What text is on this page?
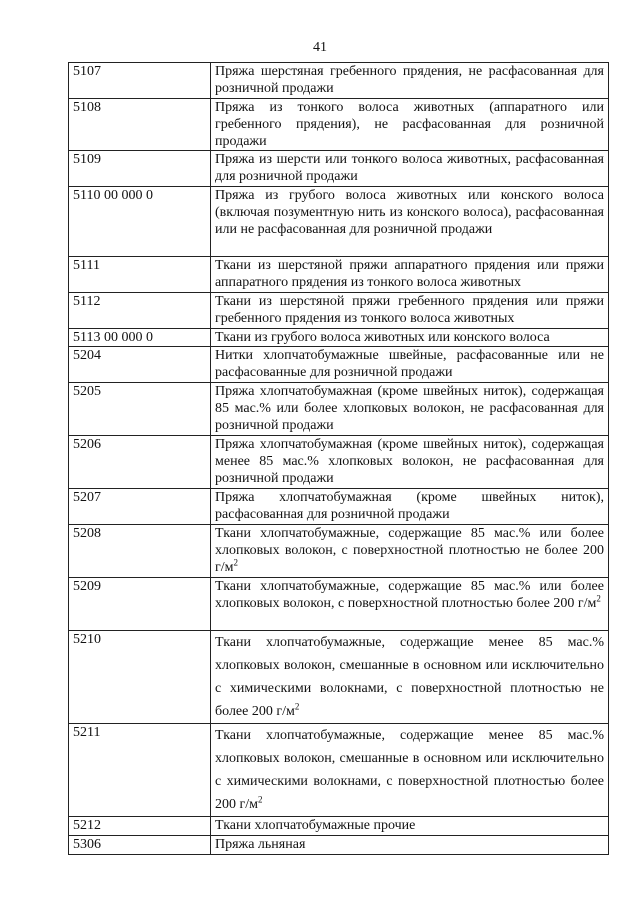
41
5107	Пряжа шерстяная гребенного прядения, не расфасованная для розничной продажи
5108	Пряжа из тонкого волоса животных (аппаратного или гребенного прядения), не расфасованная для розничной продажи
5109	Пряжа из шерсти или тонкого волоса животных, расфасованная для розничной продажи
5110 00 000 0	Пряжа из грубого волоса животных или конского волоса (включая позументную нить из конского волоса), расфасованная или не расфасованная для розничной продажи
5111	Ткани из шерстяной пряжи аппаратного прядения или пряжи аппаратного прядения из тонкого волоса животных
5112	Ткани из шерстяной пряжи гребенного прядения или пряжи гребенного прядения из тонкого волоса животных
5113 00 000 0	Ткани из грубого волоса животных или конского волоса
5204	Нитки хлопчатобумажные швейные, расфасованные или не расфасованные для розничной продажи
5205	Пряжа хлопчатобумажная (кроме швейных ниток), содержащая 85 мас.% или более хлопковых волокон, не расфасованная для розничной продажи
5206	Пряжа хлопчатобумажная (кроме швейных ниток), содержащая менее 85 мас.% хлопковых волокон, не расфасованная для розничной продажи
5207	Пряжа хлопчатобумажная (кроме швейных ниток), расфасованная для розничной продажи
5208	Ткани хлопчатобумажные, содержащие 85 мас.% или более хлопковых волокон, с поверхностной плотностью не более 200 $г/м^2$
5209	Ткани хлопчатобумажные, содержащие 85 мас.% или более хлопковых волокон, с поверхностной плотностью более 200 $г/м^2$
5210	Ткани хлопчатобумажные, содержащие менее 85 мас.% хлопковых волокон, смешанные в основном или исключительно с химическими волокнами, с поверхностной плотностью не более 200 $г/м^2$
5211	Ткани хлопчатобумажные, содержащие менее 85 мас.% хлопковых волокон, смешанные в основном или исключительно с химическими волокнами, с поверхностной плотностью более 200 $г/м^2$
5212	Ткани хлопчатобумажные прочие
5306	Пряжа льняная
